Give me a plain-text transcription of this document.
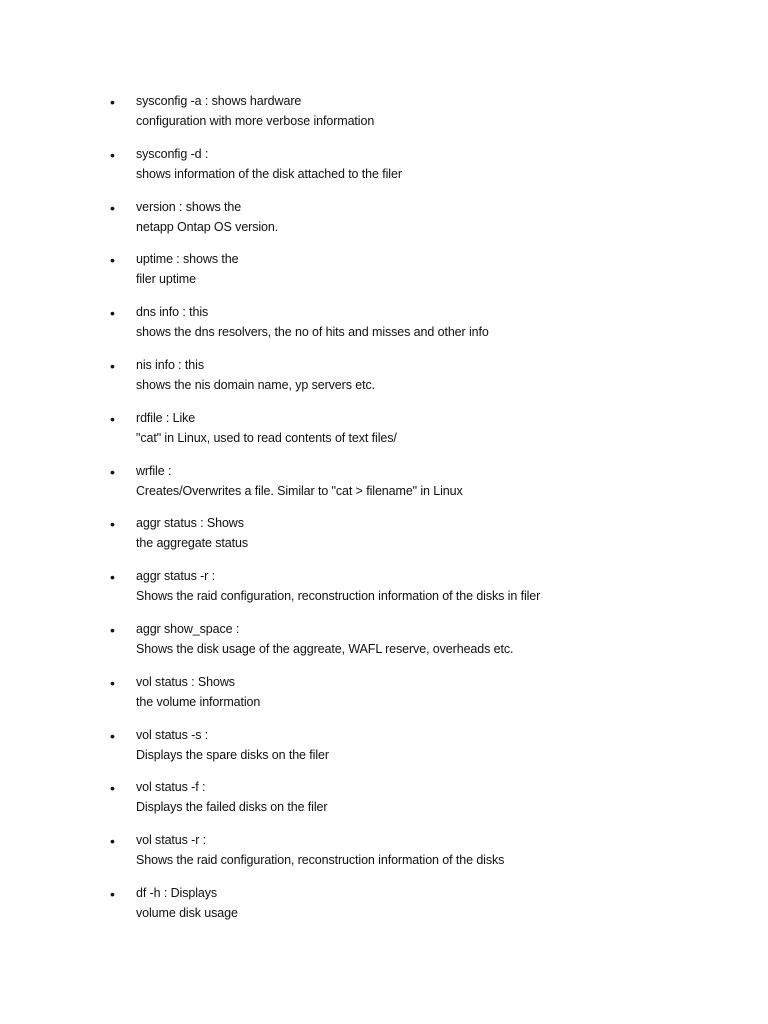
• sysconfig -a : shows hardware
configuration with more verbose information
• sysconfig -d :
shows information of the disk attached to the filer
• version : shows the
netapp Ontap OS version.
• uptime : shows the
filer uptime
• dns info : this
shows the dns resolvers, the no of hits and misses and other info
• nis info : this
shows the nis domain name, yp servers etc.
• rdfile : Like
"cat" in Linux, used to read contents of text files/
• wrfile :
Creates/Overwrites a file. Similar to "cat > filename" in Linux
• aggr status : Shows
the aggregate status
• aggr status -r :
Shows the raid configuration, reconstruction information of the disks in filer
• aggr show_space :
Shows the disk usage of the aggreate, WAFL reserve, overheads etc.
• vol status : Shows
the volume information
• vol status -s :
Displays the spare disks on the filer
• vol status -f :
Displays the failed disks on the filer
• vol status -r :
Shows the raid configuration, reconstruction information of the disks
• df -h : Displays
volume disk usage
